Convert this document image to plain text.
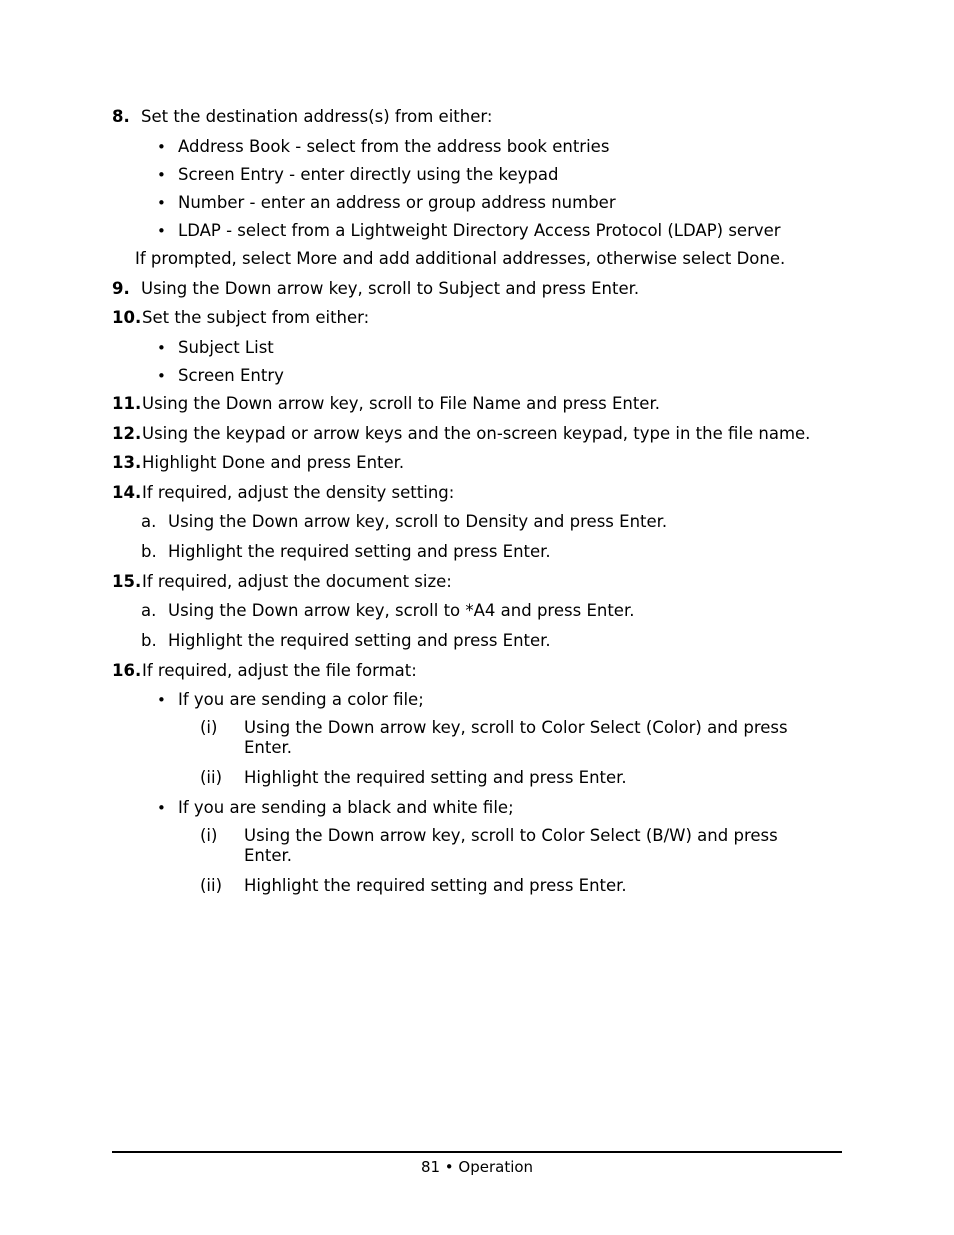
8. Set the destination address(s) from either:
• Address Book - select from the address book entries
• Screen Entry - enter directly using the keypad
• Number - enter an address or group address number
• LDAP - select from a Lightweight Directory Access Protocol (LDAP) server
If prompted, select More and add additional addresses, otherwise select Done.
9. Using the Down arrow key, scroll to Subject and press Enter.
10. Set the subject from either:
• Subject List
• Screen Entry
11. Using the Down arrow key, scroll to File Name and press Enter.
12. Using the keypad or arrow keys and the on-screen keypad, type in the file name.
13. Highlight Done and press Enter.
14. If required, adjust the density setting:
a. Using the Down arrow key, scroll to Density and press Enter.
b. Highlight the required setting and press Enter.
15. If required, adjust the document size:
a. Using the Down arrow key, scroll to *A4 and press Enter.
b. Highlight the required setting and press Enter.
16. If required, adjust the file format:
• If you are sending a color file;
(i) Using the Down arrow key, scroll to Color Select (Color) and press
Enter.
(ii) Highlight the required setting and press Enter.
• If you are sending a black and white file;
(i) Using the Down arrow key, scroll to Color Select (B/W) and press
Enter.
(ii) Highlight the required setting and press Enter.
81 • Operation
